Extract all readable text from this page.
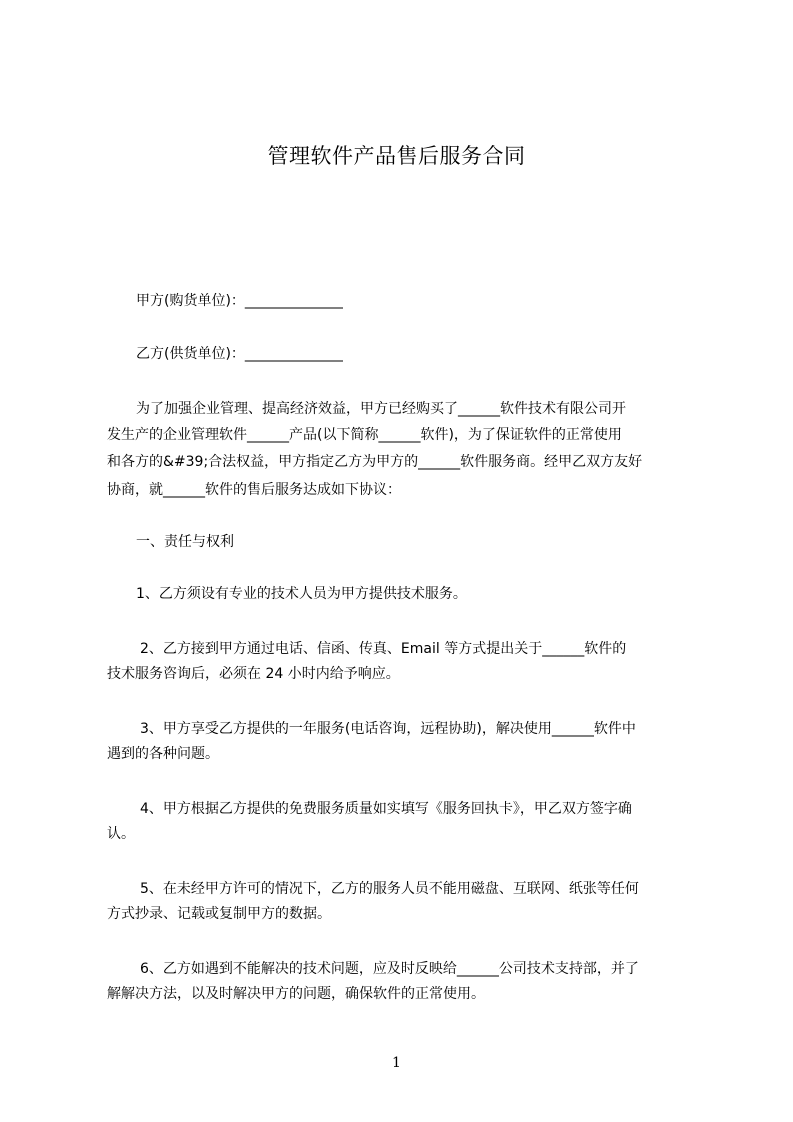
管理软件产品售后服务合同
甲方(购货单位)：______________
乙方(供货单位)：______________
为了加强企业管理、提高经济效益，甲方已经购买了______软件技术有限公司开
发生产的企业管理软件______产品(以下简称______软件)，为了保证软件的正常使用
和各方的&#39;合法权益，甲方指定乙方为甲方的______软件服务商。经甲乙双方友好
协商，就______软件的售后服务达成如下协议：
一、责任与权利
1、乙方须设有专业的技术人员为甲方提供技术服务。
2、乙方接到甲方通过电话、信函、传真、Email 等方式提出关于______软件的
技术服务咨询后，必须在 24 小时内给予响应。
3、甲方享受乙方提供的一年服务(电话咨询，远程协助)，解决使用______软件中
遇到的各种问题。
4、甲方根据乙方提供的免费服务质量如实填写《服务回执卡》，甲乙双方签字确
认。
5、在未经甲方许可的情况下，乙方的服务人员不能用磁盘、互联网、纸张等任何
方式抄录、记载或复制甲方的数据。
6、乙方如遇到不能解决的技术问题，应及时反映给______公司技术支持部，并了
解解决方法，以及时解决甲方的问题，确保软件的正常使用。
1
